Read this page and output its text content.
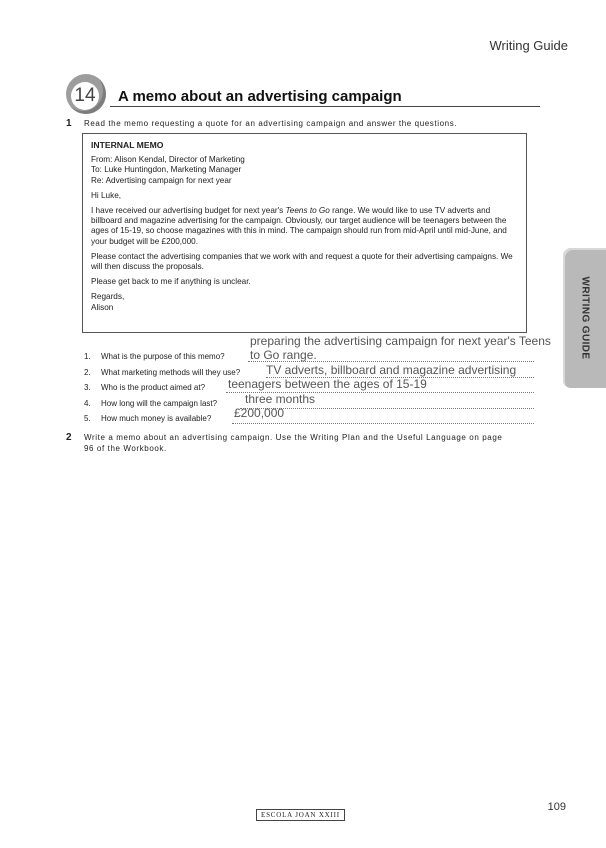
Writing Guide
14 A memo about an advertising campaign
1 Read the memo requesting a quote for an advertising campaign and answer the questions.

INTERNAL MEMO

From: Alison Kendal, Director of Marketing

To: Luke Huntingdon, Marketing Manager

Re: Advertising campaign for next year

Hi Luke,

I have received our advertising budget for next year's Teens to Go range. We would like to use TV adverts and billboard and magazine advertising for the campaign. Obviously, our target audience will be teenagers between the ages of 15-19, so choose magazines with this in mind. The campaign should run from mid-April until mid-June, and your budget will be £200,000.

Please contact the advertising companies that we work with and request a quote for their advertising campaigns. We will then discuss the proposals.

Please get back to me if anything is unclear.

Regards,

Alison	WRITING GUIDE
preparing the advertising campaign for next year's Teens
1. What is the purpose of this memo? to Go range.
2. What marketing methods will they use? TV adverts, billboard and magazine advertising
3. Who is the product aimed at? teenagers between the ages of 15-19
4. How long will the campaign last? three months
5. How much money is available? £200,000
2 Write a memo about an advertising campaign. Use the Writing Plan and the Useful Language on page
96 of the Workbook.
109
ESCOLA JOAN XXIII
